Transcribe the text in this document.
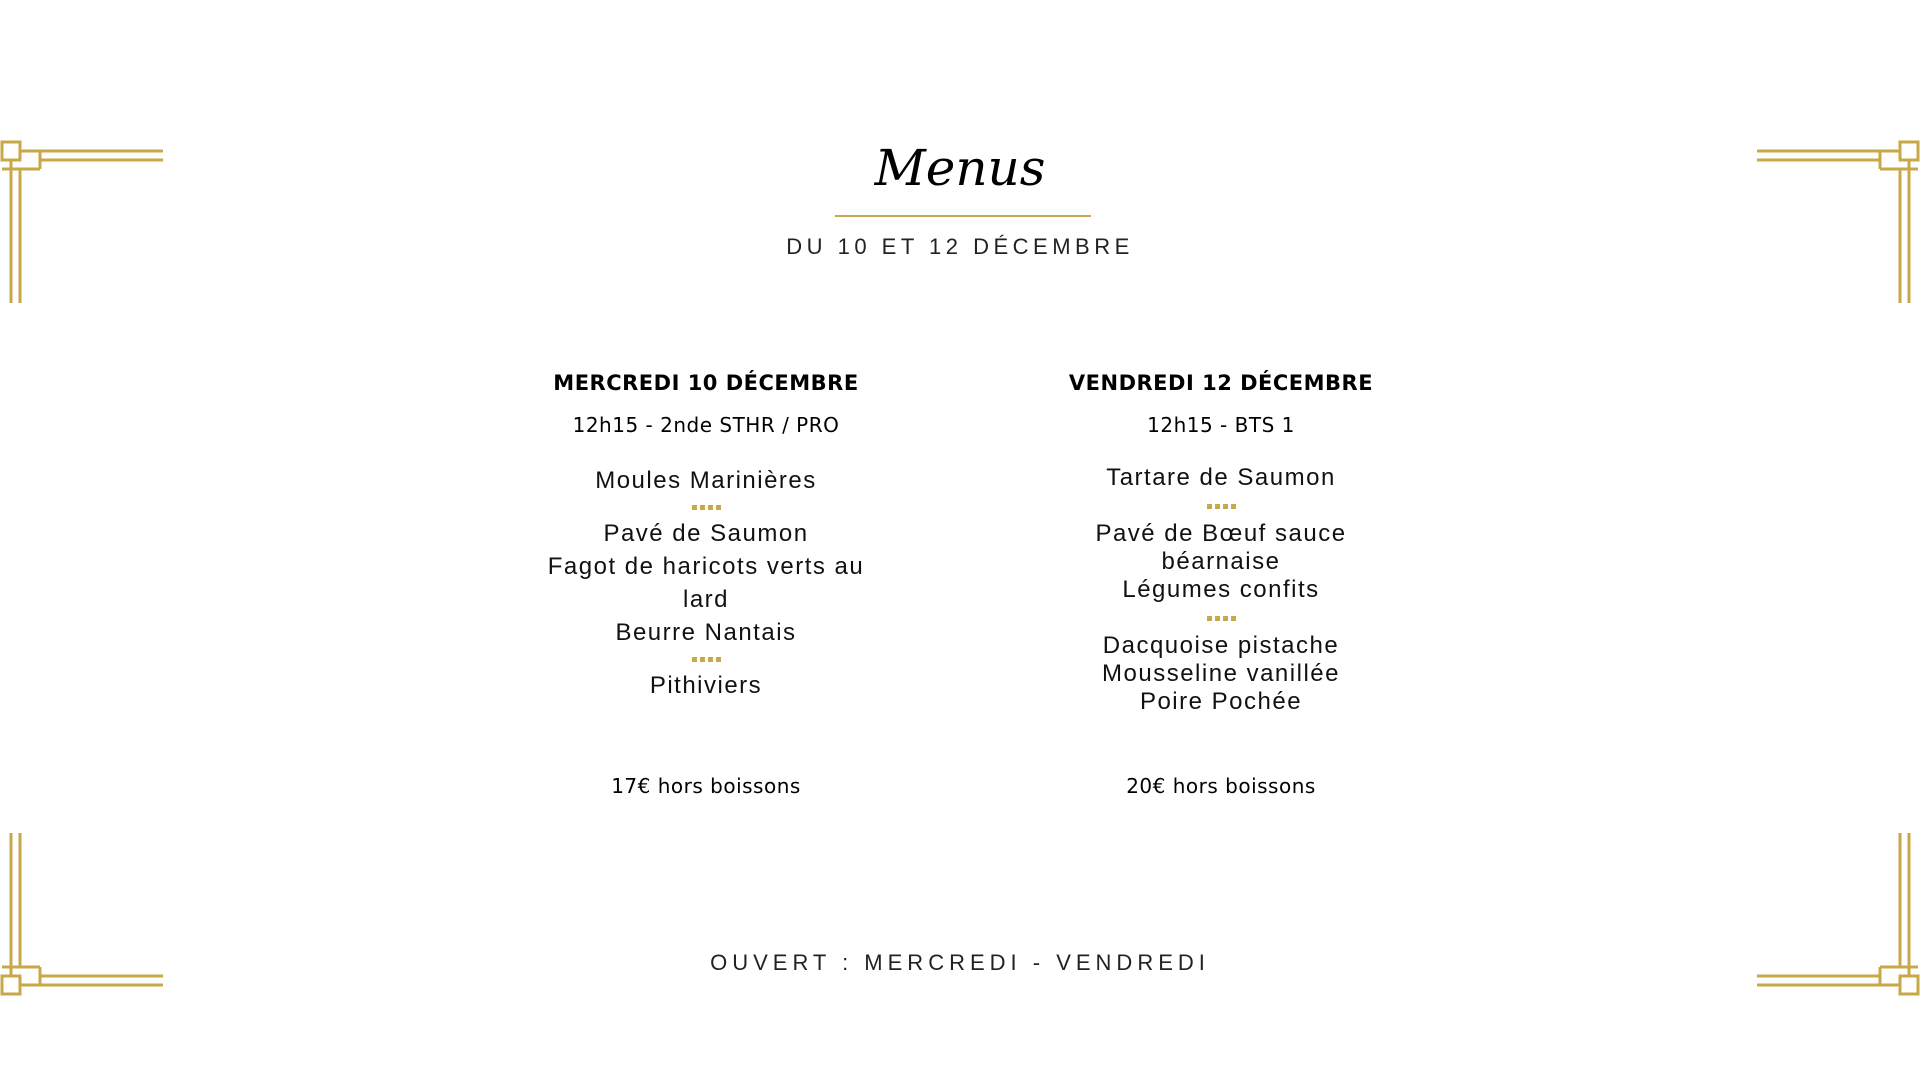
Menus
DU 10 ET 12 DÉCEMBRE
MERCREDI 10 DÉCEMBRE
12h15 - 2nde STHR / PRO
Moules Marinières
Pavé de Saumon
Fagot de haricots verts au
lard
Beurre Nantais
Pithiviers
17€ hors boissons
VENDREDI 12 DÉCEMBRE
12h15 - BTS 1
Tartare de Saumon
Pavé de Bœuf sauce
béarnaise
Légumes confits
Dacquoise pistache
Mousseline vanillée
Poire Pochée
20€ hors boissons
OUVERT : MERCREDI - VENDREDI
